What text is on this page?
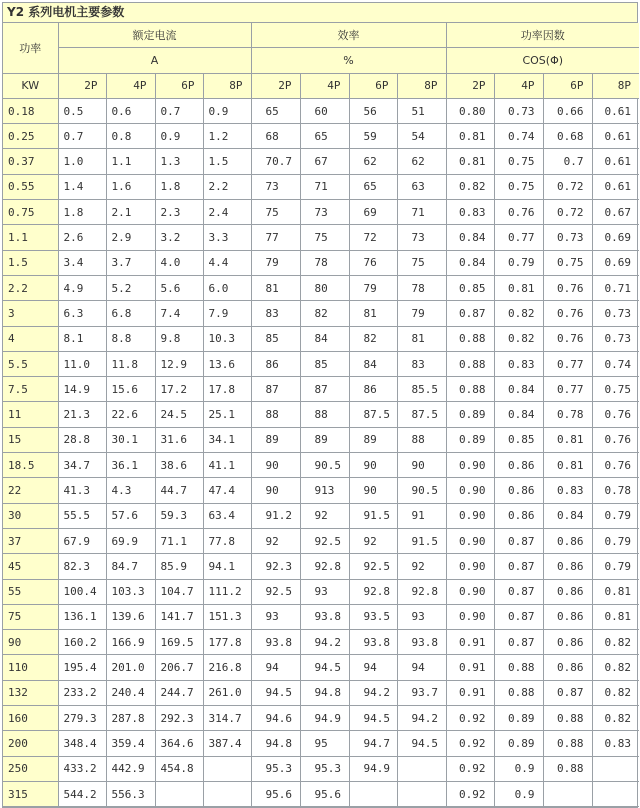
Y2 系列电机主要参数
功率	额定电流				效率				功率因数			
	A				%				COS(Φ)			
KW	2P	4P	6P	8P	2P	4P	6P	8P	2P	4P	6P	8P
0.18	0.5	0.6	0.7	0.9	65	60	56	51	0.80	0.73	0.66	0.61
0.25	0.7	0.8	0.9	1.2	68	65	59	54	0.81	0.74	0.68	0.61
0.37	1.0	1.1	1.3	1.5	70.7	67	62	62	0.81	0.75	0.7	0.61
0.55	1.4	1.6	1.8	2.2	73	71	65	63	0.82	0.75	0.72	0.61
0.75	1.8	2.1	2.3	2.4	75	73	69	71	0.83	0.76	0.72	0.67
1.1	2.6	2.9	3.2	3.3	77	75	72	73	0.84	0.77	0.73	0.69
1.5	3.4	3.7	4.0	4.4	79	78	76	75	0.84	0.79	0.75	0.69
2.2	4.9	5.2	5.6	6.0	81	80	79	78	0.85	0.81	0.76	0.71
3	6.3	6.8	7.4	7.9	83	82	81	79	0.87	0.82	0.76	0.73
4	8.1	8.8	9.8	10.3	85	84	82	81	0.88	0.82	0.76	0.73
5.5	11.0	11.8	12.9	13.6	86	85	84	83	0.88	0.83	0.77	0.74
7.5	14.9	15.6	17.2	17.8	87	87	86	85.5	0.88	0.84	0.77	0.75
11	21.3	22.6	24.5	25.1	88	88	87.5	87.5	0.89	0.84	0.78	0.76
15	28.8	30.1	31.6	34.1	89	89	89	88	0.89	0.85	0.81	0.76
18.5	34.7	36.1	38.6	41.1	90	90.5	90	90	0.90	0.86	0.81	0.76
22	41.3	4.3	44.7	47.4	90	913	90	90.5	0.90	0.86	0.83	0.78
30	55.5	57.6	59.3	63.4	91.2	92	91.5	91	0.90	0.86	0.84	0.79
37	67.9	69.9	71.1	77.8	92	92.5	92	91.5	0.90	0.87	0.86	0.79
45	82.3	84.7	85.9	94.1	92.3	92.8	92.5	92	0.90	0.87	0.86	0.79
55	100.4	103.3	104.7	111.2	92.5	93	92.8	92.8	0.90	0.87	0.86	0.81
75	136.1	139.6	141.7	151.3	93	93.8	93.5	93	0.90	0.87	0.86	0.81
90	160.2	166.9	169.5	177.8	93.8	94.2	93.8	93.8	0.91	0.87	0.86	0.82
110	195.4	201.0	206.7	216.8	94	94.5	94	94	0.91	0.88	0.86	0.82
132	233.2	240.4	244.7	261.0	94.5	94.8	94.2	93.7	0.91	0.88	0.87	0.82
160	279.3	287.8	292.3	314.7	94.6	94.9	94.5	94.2	0.92	0.89	0.88	0.82
200	348.4	359.4	364.6	387.4	94.8	95	94.7	94.5	0.92	0.89	0.88	0.83
250	433.2	442.9	454.8		95.3	95.3	94.9		0.92	0.9	0.88	
315	544.2	556.3			95.6	95.6			0.92	0.9		
